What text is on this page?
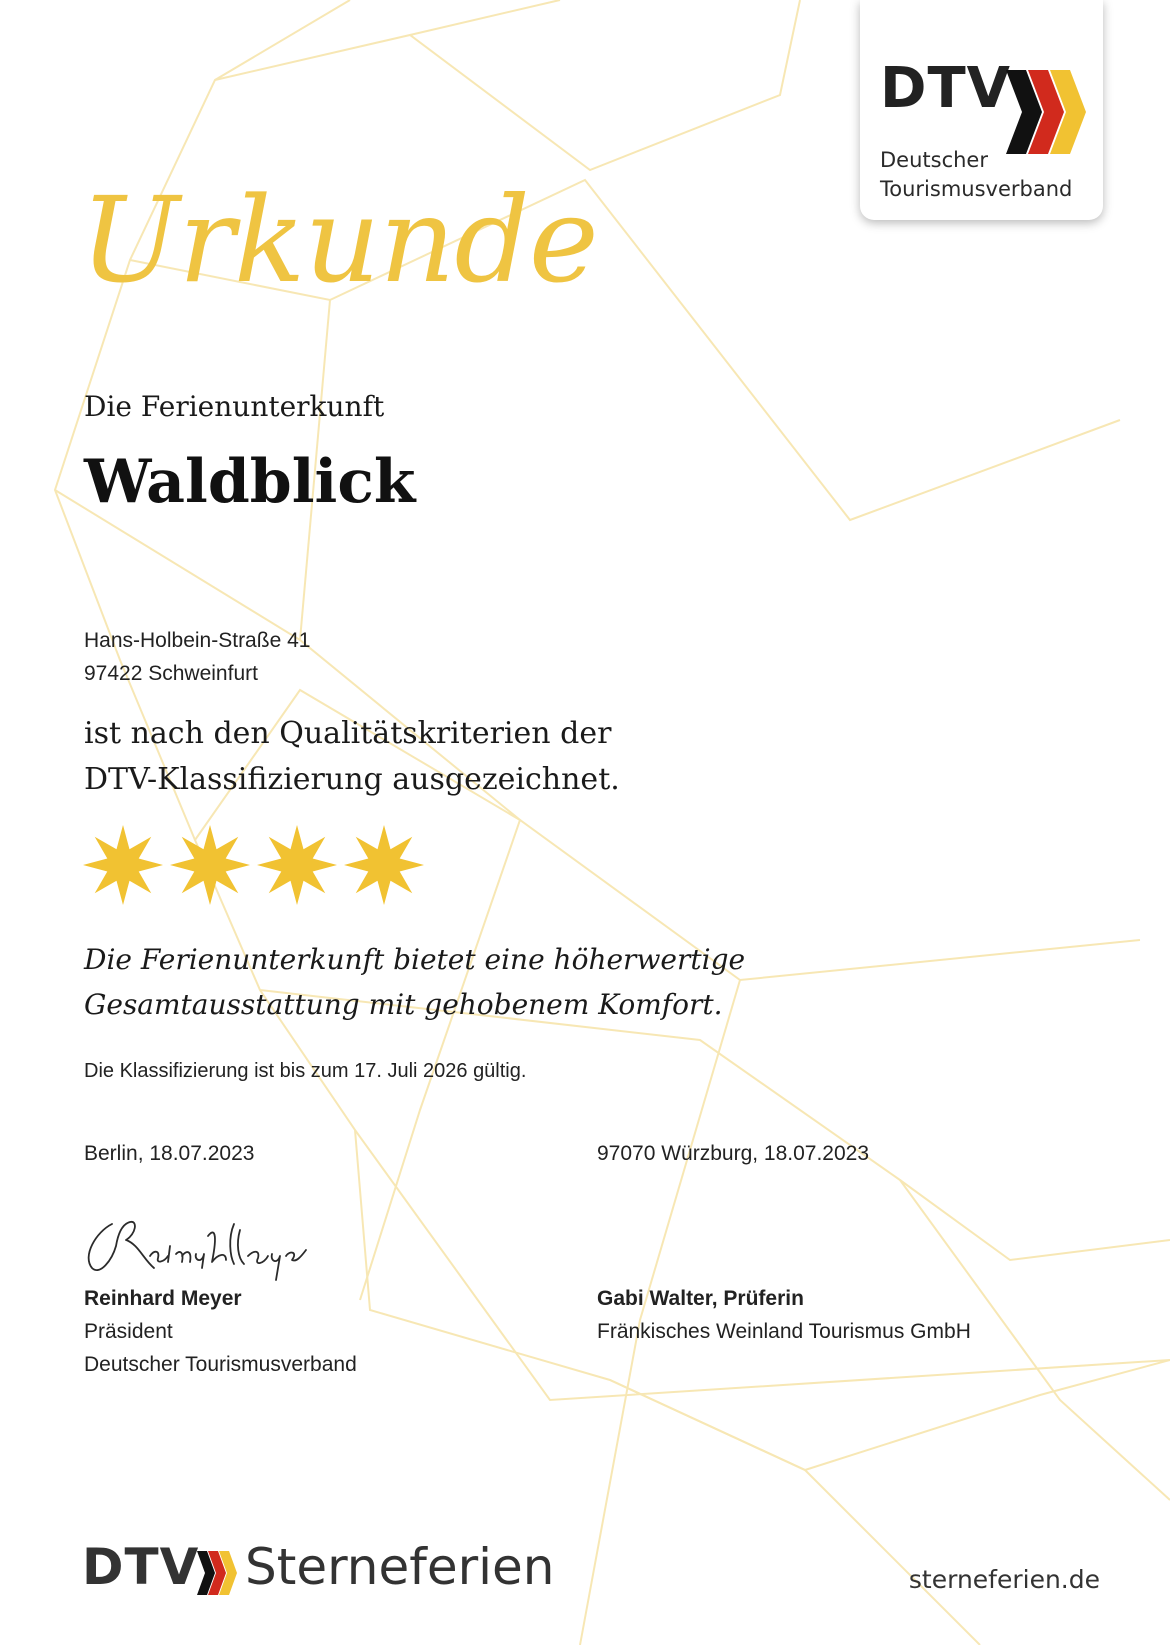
Urkunde
DTV
Deutscher
Tourismusverband
Die Ferienunterkunft
Waldblick
Hans-Holbein-Straße 41
97422 Schweinfurt
ist nach den Qualitätskriterien der
DTV-Klassifizierung ausgezeichnet.
Die Ferienunterkunft bietet eine höherwertige
Gesamtausstattung mit gehobenem Komfort.
Die Klassifizierung ist bis zum 17. Juli 2026 gültig.
Berlin, 18.07.2023	97070 Würzburg, 18.07.2023
Reinhard Meyer
Präsident
Deutscher Tourismusverband
Gabi Walter, Prüferin
Fränkisches Weinland Tourismus GmbH
DTV Sterneferien	sterneferien.de
